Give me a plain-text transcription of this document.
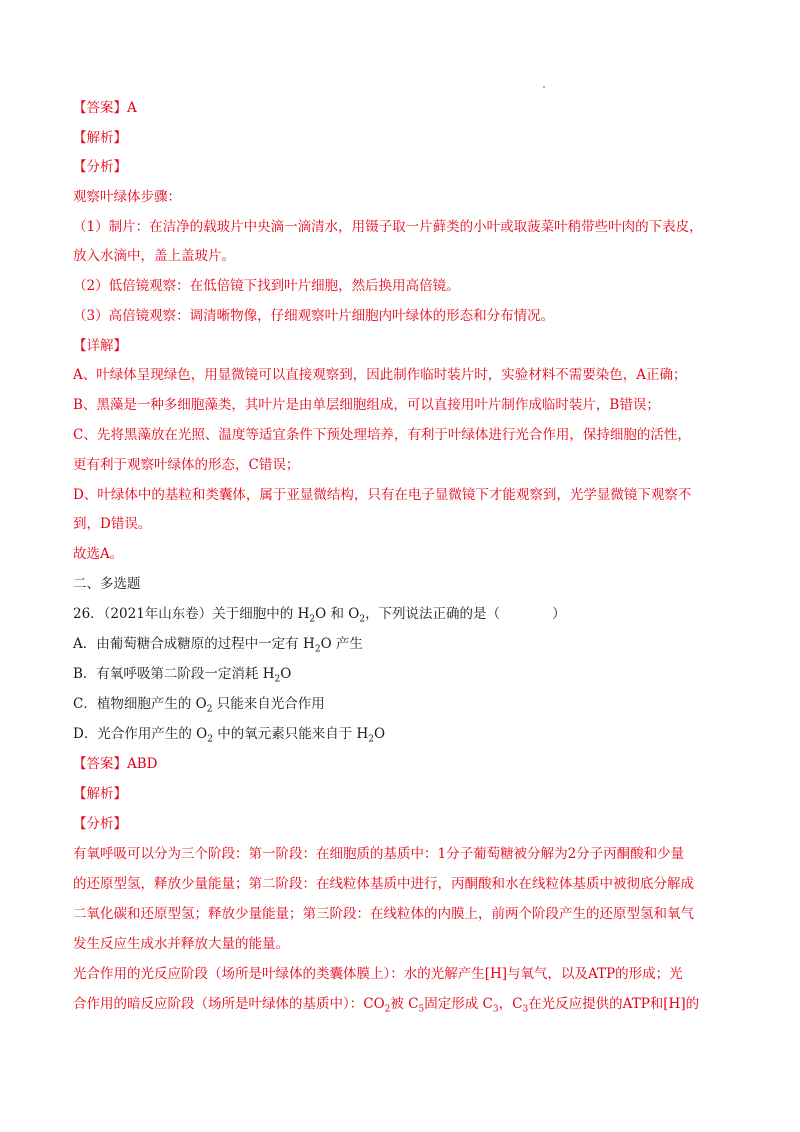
【答案】A
【解析】
【分析】
观察叶绿体步骤：
（1）制片：在洁净的载玻片中央滴一滴清水，用镊子取一片藓类的小叶或取菠菜叶稍带些叶肉的下表皮，
放入水滴中，盖上盖玻片。
（2）低倍镜观察：在低倍镜下找到叶片细胞，然后换用高倍镜。
（3）高倍镜观察：调清晰物像，仔细观察叶片细胞内叶绿体的形态和分布情况。
【详解】
A、叶绿体呈现绿色，用显微镜可以直接观察到，因此制作临时装片时，实验材料不需要染色，A正确；
B、黑藻是一种多细胞藻类，其叶片是由单层细胞组成，可以直接用叶片制作成临时装片，B错误；
C、先将黑藻放在光照、温度等适宜条件下预处理培养，有利于叶绿体进行光合作用，保持细胞的活性，
更有利于观察叶绿体的形态，C错误；
D、叶绿体中的基粒和类囊体，属于亚显微结构，只有在电子显微镜下才能观察到，光学显微镜下观察不
到，D错误。
故选A。
二、多选题
26．（2021年山东卷）关于细胞中的 $H_2O$ 和 $O_2$，下列说法正确的是（	）
A．由葡萄糖合成糖原的过程中一定有 $H_2O$ 产生
B．有氧呼吸第二阶段一定消耗 $H_2O$
C．植物细胞产生的 $O_2$ 只能来自光合作用
D．光合作用产生的 $O_2$ 中的氧元素只能来自于 $H_2O$
【答案】ABD
【解析】
【分析】
有氧呼吸可以分为三个阶段：第一阶段：在细胞质的基质中：1分子葡萄糖被分解为2分子丙酮酸和少量
的还原型氢，释放少量能量；第二阶段：在线粒体基质中进行，丙酮酸和水在线粒体基质中被彻底分解成
二氧化碳和还原型氢；释放少量能量；第三阶段：在线粒体的内膜上，前两个阶段产生的还原型氢和氧气
发生反应生成水并释放大量的能量。
光合作用的光反应阶段（场所是叶绿体的类囊体膜上）：水的光解产生[H]与氧气，以及ATP的形成；光
合作用的暗反应阶段（场所是叶绿体的基质中）：$CO_2$被 $C_5$固定形成 $C_3$，$C_3$在光反应提供的ATP和[H]的
